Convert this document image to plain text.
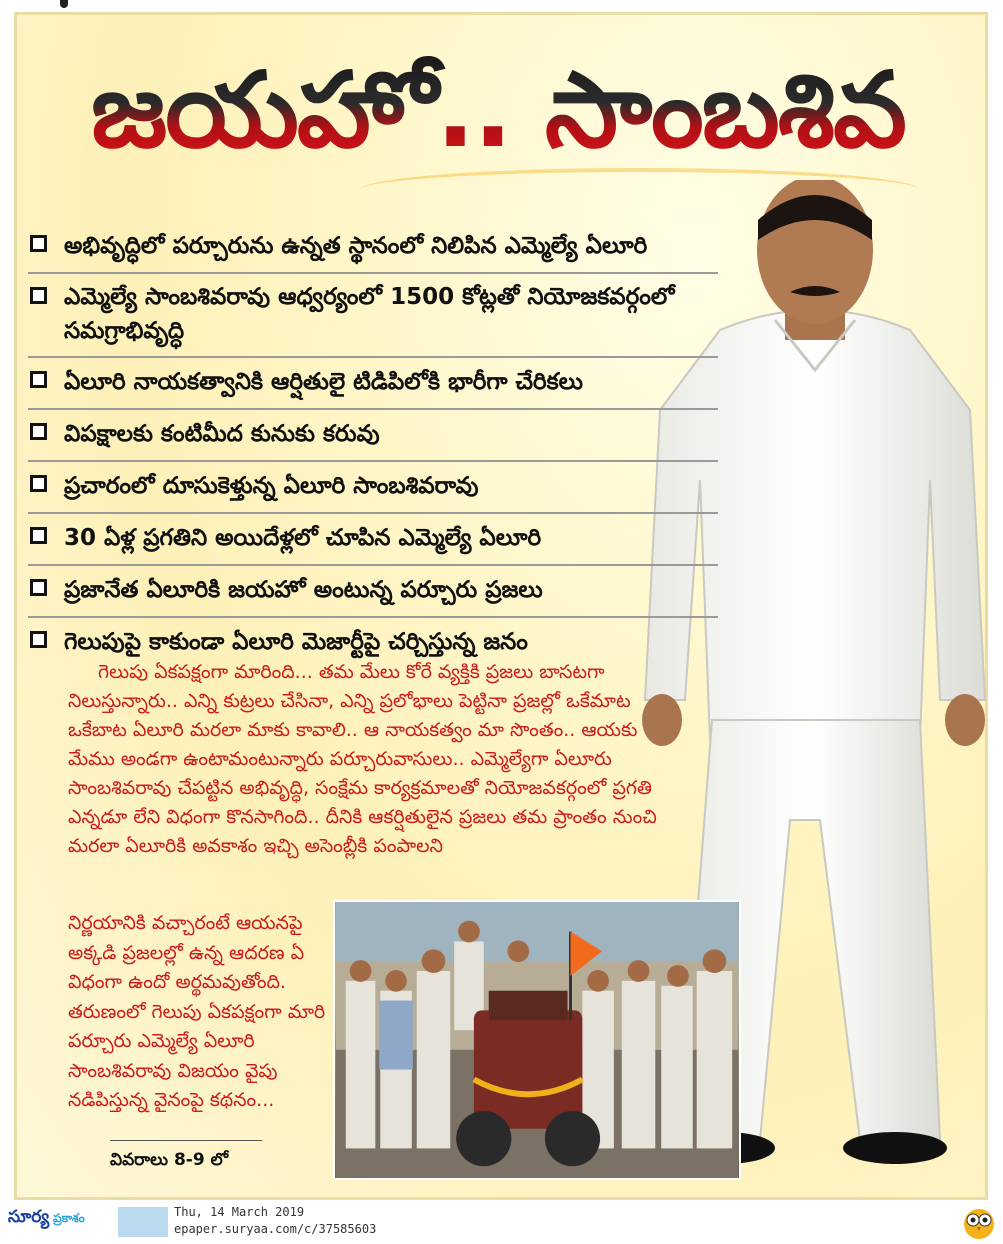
జయహో.. సాంబశివ
అభివృద్ధిలో పర్చూరును ఉన్నత స్థానంలో నిలిపిన ఎమ్మెల్యే ఏలూరి
ఎమ్మెల్యే సాంబశివరావు ఆధ్వర్యంలో 1500 కోట్లతో నియోజకవర్గంలో సమగ్రాభివృద్ధి
ఏలూరి నాయకత్వానికి ఆర్షితులై టిడిపిలోకి భారీగా చేరికలు
విపక్షాలకు కంటిమీద కునుకు కరువు
ప్రచారంలో దూసుకెళ్తున్న ఏలూరి సాంబశివరావు
30 ఏళ్ల ప్రగతిని అయిదేళ్లలో చూపిన ఎమ్మెల్యే ఏలూరి
ప్రజానేత ఏలూరికి జయహో అంటున్న పర్చూరు ప్రజలు
గెలుపుపై కాకుండా ఏలూరి మెజార్టీపై చర్చిస్తున్న జనం
గెలుపు ఏకపక్షంగా మారింది... తమ మేలు కోరే వ్యక్తికి ప్రజలు బాసటగా నిలుస్తున్నారు.. ఎన్ని కుట్రలు చేసినా, ఎన్ని ప్రలోభాలు పెట్టినా ప్రజల్లో ఒకేమాట ఒకేబాట ఏలూరి మరలా మాకు కావాలి.. ఆ నాయకత్వం మా సొంతం.. ఆయకు మేము అండగా ఉంటామంటున్నారు పర్చూరువాసులు.. ఎమ్మెల్యేగా ఏలూరు సాంబశివరావు చేపట్టిన అభివృద్ధి, సంక్షేమ కార్యక్రమాలతో నియోజవకర్గంలో ప్రగతి ఎన్నడూ లేని విధంగా కొనసాగింది.. దీనికి ఆకర్షితులైన ప్రజలు తమ ప్రాంతం నుంచి మరలా ఏలూరికి అవకాశం ఇచ్చి అసెంబ్లీకి పంపాలని
నిర్ణయానికి వచ్చారంటే ఆయనపై అక్కడి ప్రజలల్లో ఉన్న ఆదరణ ఏ విధంగా ఉందో అర్థమవుతోంది. తరుణంలో గెలుపు ఏకపక్షంగా మారి పర్చూరు ఎమ్మెల్యే ఏలూరి సాంబశివరావు విజయం వైపు నడిపిస్తున్న వైనంపై కథనం...
వివరాలు 8-9 లో
సూర్య ప్రకాశం	Thu, 14 March 2019
epaper.suryaa.com/c/37585603
